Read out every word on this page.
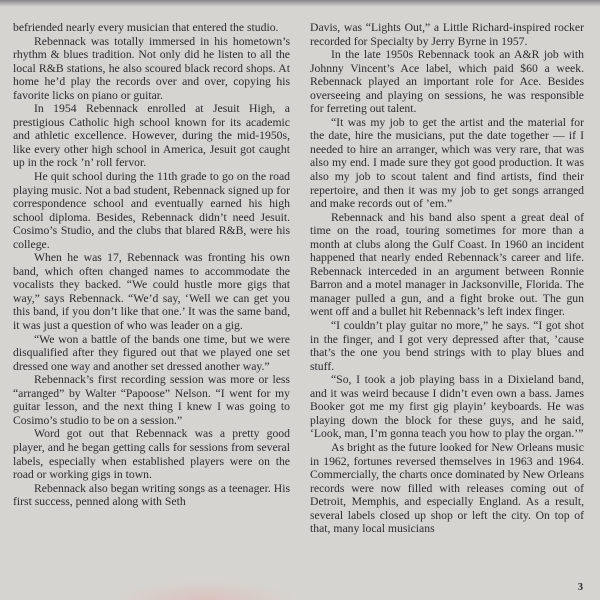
befriended nearly every musician that entered the studio.

Rebennack was totally immersed in his hometown’s rhythm & blues tradition. Not only did he listen to all the local R&B stations, he also scoured black record shops. At home he’d play the records over and over, copying his favorite licks on piano or guitar.

In 1954 Rebennack enrolled at Jesuit High, a prestigious Catholic high school known for its academic and athletic excellence. However, during the mid-1950s, like every other high school in America, Jesuit got caught up in the rock ’n’ roll fervor.

He quit school during the 11th grade to go on the road playing music. Not a bad student, Rebennack signed up for correspondence school and eventually earned his high school diploma. Besides, Rebennack didn’t need Jesuit. Cosimo’s Studio, and the clubs that blared R&B, were his college.

When he was 17, Rebennack was fronting his own band, which often changed names to accommodate the vocalists they backed. “We could hustle more gigs that way,” says Rebennack. “We’d say, ‘Well we can get you this band, if you don’t like that one.’ It was the same band, it was just a question of who was leader on a gig.

“We won a battle of the bands one time, but we were disqualified after they figured out that we played one set dressed one way and another set dressed another way.”

Rebennack’s first recording session was more or less “arranged” by Walter “Papoose” Nelson. “I went for my guitar lesson, and the next thing I knew I was going to Cosimo’s studio to be on a session.”

Word got out that Rebennack was a pretty good player, and he began getting calls for sessions from several labels, especially when established players were on the road or working gigs in town.

Rebennack also began writing songs as a teenager. His first success, penned along with Seth

Davis, was “Lights Out,” a Little Richard-inspired rocker recorded for Specialty by Jerry Byrne in 1957.

In the late 1950s Rebennack took an A&R job with Johnny Vincent’s Ace label, which paid $60 a week. Rebennack played an important role for Ace. Besides overseeing and playing on sessions, he was responsible for ferreting out talent.

“It was my job to get the artist and the material for the date, hire the musicians, put the date together — if I needed to hire an arranger, which was very rare, that was also my end. I made sure they got good production. It was also my job to scout talent and find artists, find their repertoire, and then it was my job to get songs arranged and make records out of ’em.”

Rebennack and his band also spent a great deal of time on the road, touring sometimes for more than a month at clubs along the Gulf Coast. In 1960 an incident happened that nearly ended Rebennack’s career and life. Rebennack interceded in an argument between Ronnie Barron and a motel manager in Jacksonville, Florida. The manager pulled a gun, and a fight broke out. The gun went off and a bullet hit Rebennack’s left index finger.

“I couldn’t play guitar no more,” he says. “I got shot in the finger, and I got very depressed after that, ’cause that’s the one you bend strings with to play blues and stuff.

“So, I took a job playing bass in a Dixieland band, and it was weird because I didn’t even own a bass. James Booker got me my first gig playin’ keyboards. He was playing down the block for these guys, and he said, ‘Look, man, I’m gonna teach you how to play the organ.’”

As bright as the future looked for New Orleans music in 1962, fortunes reversed themselves in 1963 and 1964. Commercially, the charts once dominated by New Orleans records were now filled with releases coming out of Detroit, Memphis, and especially England. As a result, several labels closed up shop or left the city. On top of that, many local musicians

3
